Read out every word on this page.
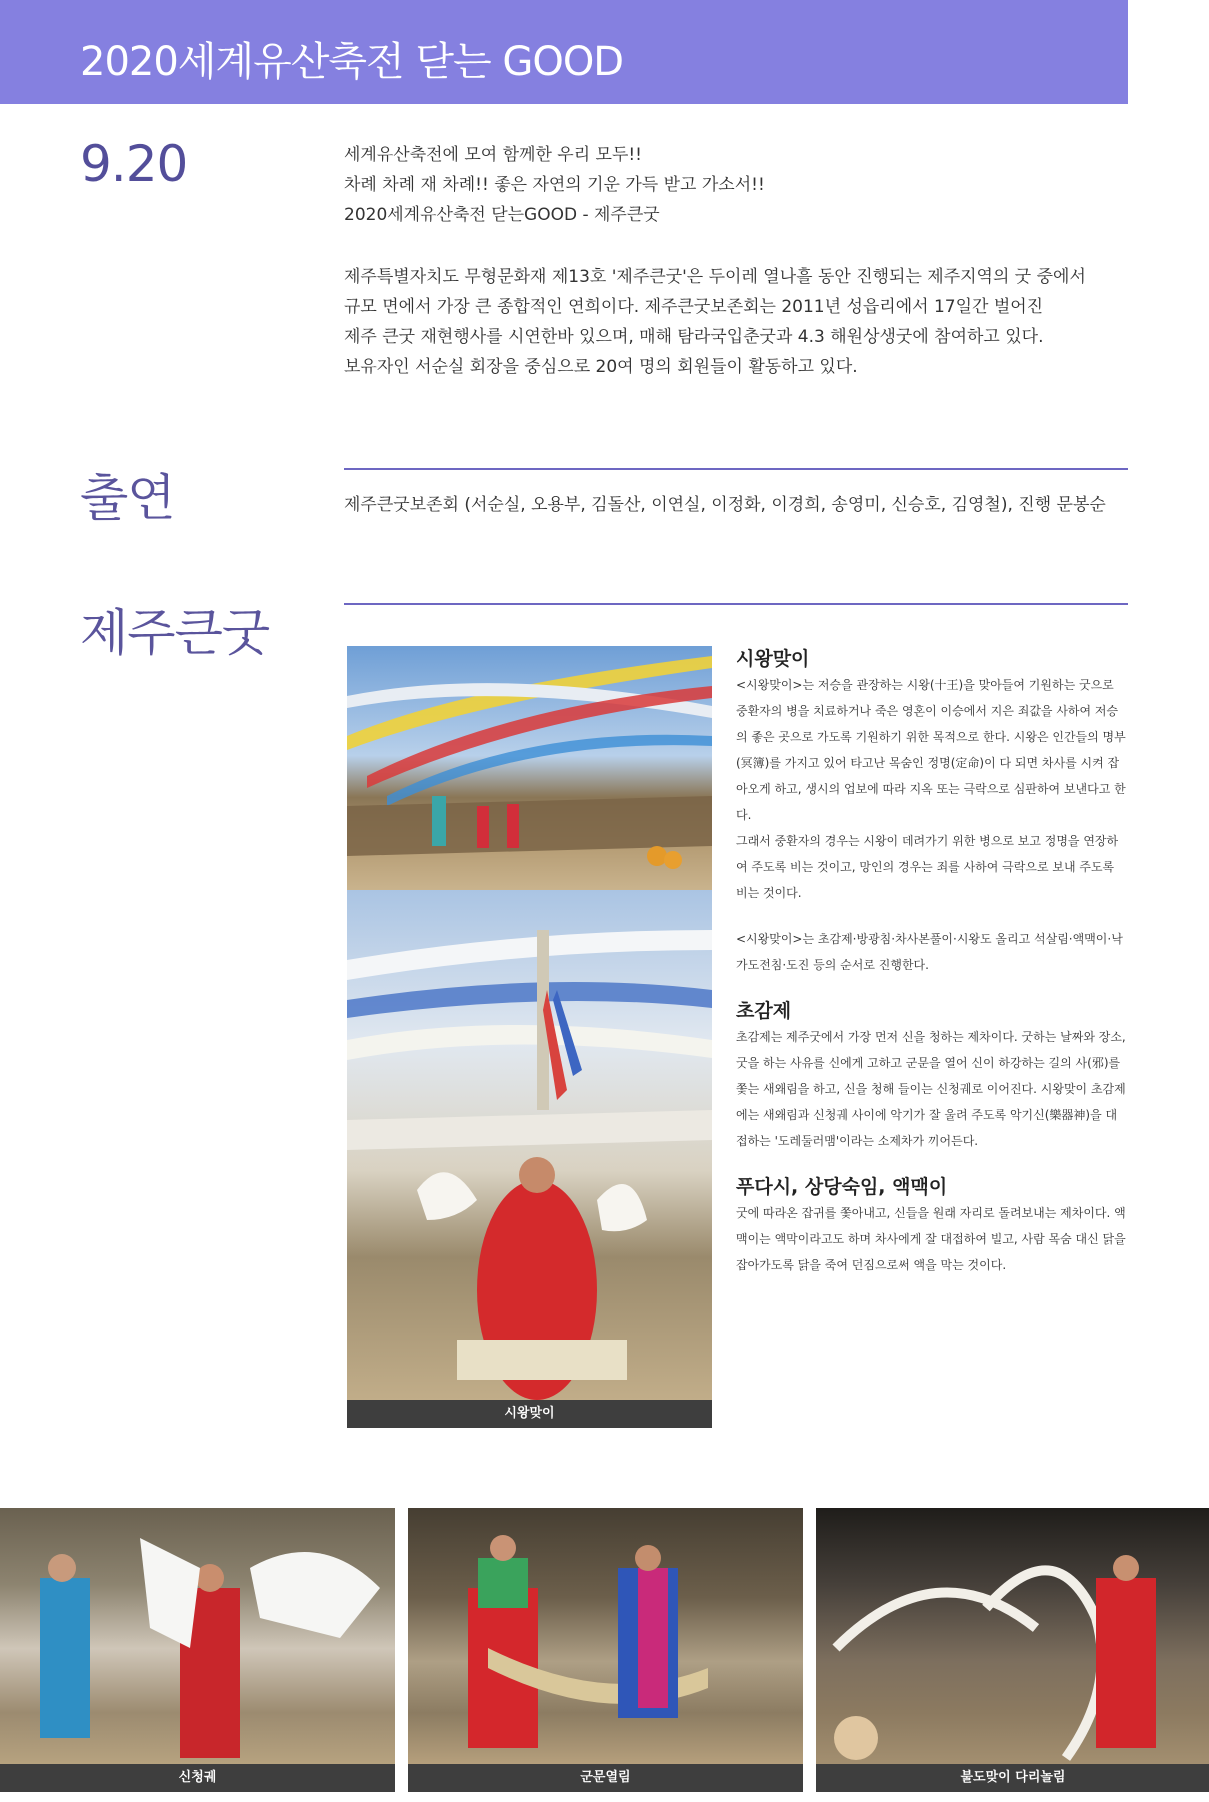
2020세계유산축전 닫는 GOOD
9.20	세계유산축전에 모여 함께한 우리 모두!!

차례 차례 재 차례!! 좋은 자연의 기운 가득 받고 가소서!!

2020세계유산축전 닫는GOOD - 제주큰굿

제주특별자치도 무형문화재 제13호 '제주큰굿'은 두이레 열나흘 동안 진행되는 제주지역의 굿 중에서

규모 면에서 가장 큰 종합적인 연희이다. 제주큰굿보존회는 2011년 성읍리에서 17일간 벌어진

제주 큰굿 재현행사를 시연한바 있으며, 매해 탐라국입춘굿과 4.3 해원상생굿에 참여하고 있다.

보유자인 서순실 회장을 중심으로 20여 명의 회원들이 활동하고 있다.

출연	제주큰굿보존회 (서순실, 오용부, 김돌산, 이연실, 이정화, 이경희, 송영미, 신승호, 김영철), 진행 문봉순
제주큰굿
시왕맞이
시왕맞이

<시왕맞이>는 저승을 관장하는 시왕(十王)을 맞아들여 기원하는 굿으로 중환자의 병을 치료하거나 죽은 영혼이 이승에서 지은 죄값을 사하여 저승의 좋은 곳으로 가도록 기원하기 위한 목적으로 한다. 시왕은 인간들의 명부(冥簿)를 가지고 있어 타고난 목숨인 정명(定命)이 다 되면 차사를 시켜 잡아오게 하고, 생시의 업보에 따라 지옥 또는 극락으로 심판하여 보낸다고 한다.

그래서 중환자의 경우는 시왕이 데려가기 위한 병으로 보고 정명을 연장하여 주도록 비는 것이고, 망인의 경우는 죄를 사하여 극락으로 보내 주도록 비는 것이다.

<시왕맞이>는 초감제·방광침·차사본풀이·시왕도 올리고 석살림·액맥이·낙가도전침·도진 등의 순서로 진행한다.

초감제

초감제는 제주굿에서 가장 먼저 신을 청하는 제차이다. 굿하는 날짜와 장소, 굿을 하는 사유를 신에게 고하고 군문을 열어 신이 하강하는 길의 사(邪)를 쫓는 새왜림을 하고, 신을 청해 들이는 신청궤로 이어진다. 시왕맞이 초감제에는 새왜림과 신청궤 사이에 악기가 잘 울려 주도록 악기신(樂器神)을 대접하는 '도레둘러맴'이라는 소제차가 끼어든다.

푸다시, 상당숙임, 액맥이

굿에 따라온 잡귀를 쫓아내고, 신들을 원래 자리로 돌려보내는 제차이다. 액맥이는 액막이라고도 하며 차사에게 잘 대접하여 빌고, 사람 목숨 대신 닭을 잡아가도록 닭을 죽여 던짐으로써 액을 막는 것이다.

신청궤	군문열림	불도맞이 다리놀림
